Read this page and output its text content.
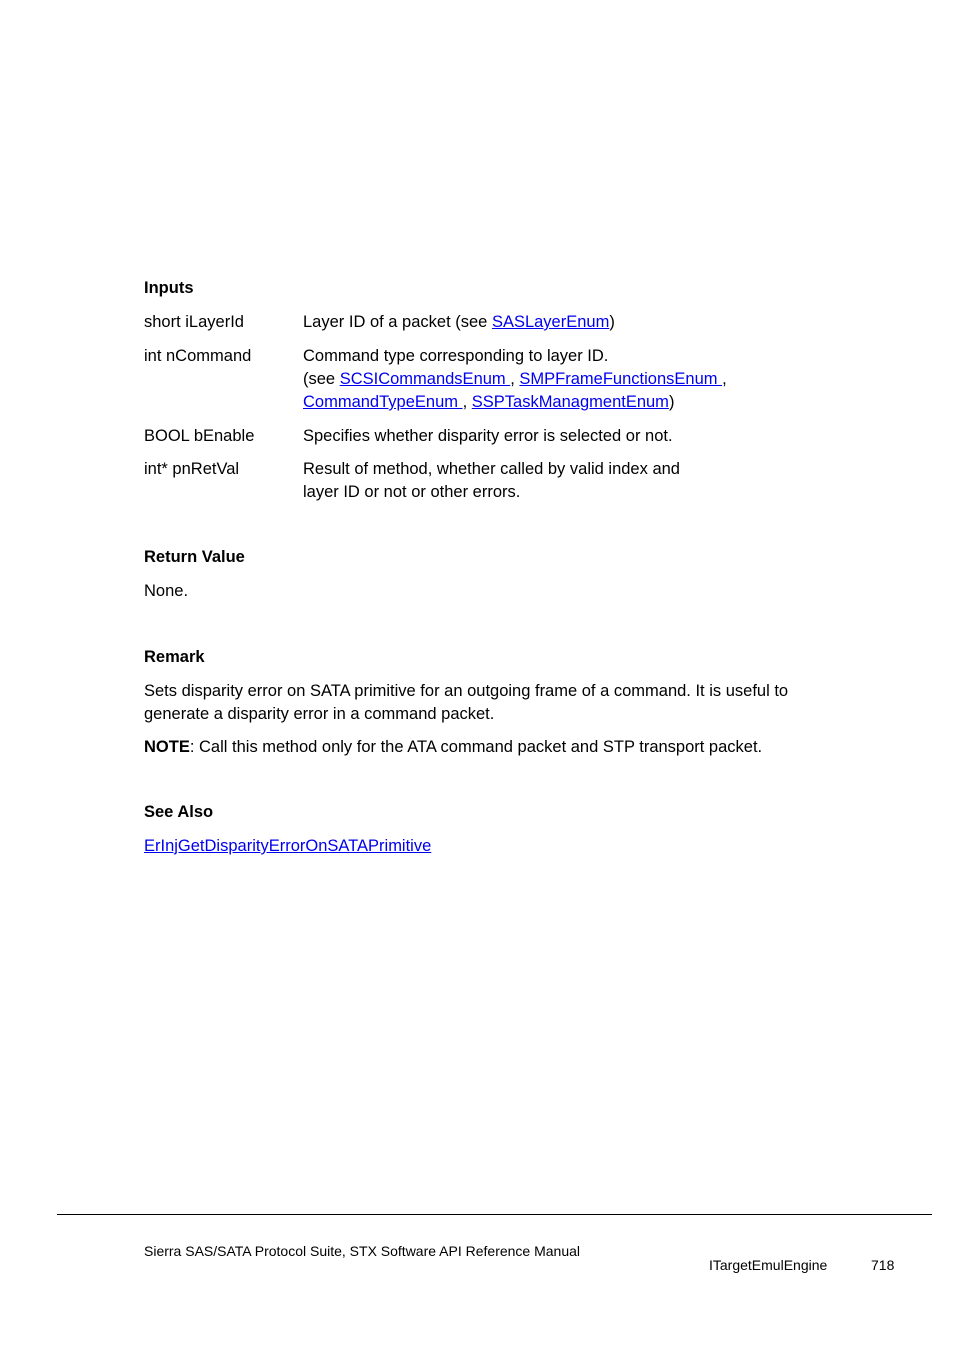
Inputs
short iLayerId	Layer ID of a packet (see SASLayerEnum)
int nCommand	Command type corresponding to layer ID.
(see SCSICommandsEnum , SMPFrameFunctionsEnum ,
CommandTypeEnum , SSPTaskManagmentEnum)
BOOL bEnable	Specifies whether disparity error is selected or not.
int* pnRetVal	Result of method, whether called by valid index and
layer ID or not or other errors.
Return Value
None.
Remark
Sets disparity error on SATA primitive for an outgoing frame of a command. It is useful to
generate a disparity error in a command packet.
NOTE: Call this method only for the ATA command packet and STP transport packet.
See Also
ErInjGetDisparityErrorOnSATAPrimitive
Sierra SAS/SATA Protocol Suite, STX Software API Reference Manual
ITargetEmulEngine	718
